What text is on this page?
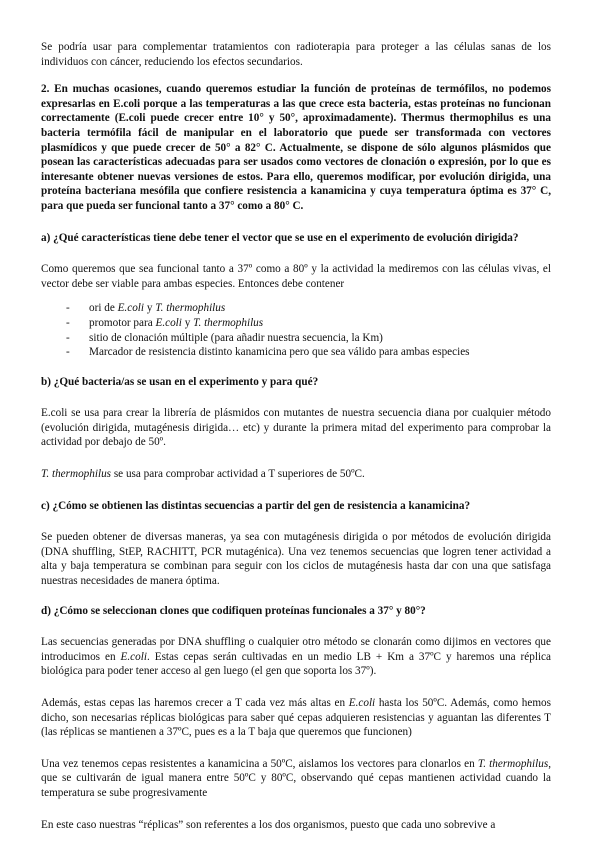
Se podría usar para complementar tratamientos con radioterapia para proteger a las células sanas de los individuos con cáncer, reduciendo los efectos secundarios.

2. En muchas ocasiones, cuando queremos estudiar la función de proteínas de termófilos, no podemos expresarlas en E.coli porque a las temperaturas a las que crece esta bacteria, estas proteínas no funcionan correctamente (E.coli puede crecer entre 10° y 50°, aproximadamente). Thermus thermophilus es una bacteria termófila fácil de manipular en el laboratorio que puede ser transformada con vectores plasmídicos y que puede crecer de 50° a 82° C. Actualmente, se dispone de sólo algunos plásmidos que posean las características adecuadas para ser usados como vectores de clonación o expresión, por lo que es interesante obtener nuevas versiones de estos. Para ello, queremos modificar, por evolución dirigida, una proteína bacteriana mesófila que confiere resistencia a kanamicina y cuya temperatura óptima es 37° C, para que pueda ser funcional tanto a 37° como a 80° C.

a) ¿Qué características tiene debe tener el vector que se use en el experimento de evolución dirigida?

Como queremos que sea funcional tanto a 37º como a 80º y la actividad la mediremos con las células vivas, el vector debe ser viable para ambas especies. Entonces debe contener

- ori de E.coli y T. thermophilus
- promotor para E.coli y T. thermophilus
- sitio de clonación múltiple (para añadir nuestra secuencia, la Km)
- Marcador de resistencia distinto kanamicina pero que sea válido para ambas especies

b) ¿Qué bacteria/as se usan en el experimento y para qué?

E.coli se usa para crear la librería de plásmidos con mutantes de nuestra secuencia diana por cualquier método (evolución dirigida, mutagénesis dirigida… etc) y durante la primera mitad del experimento para comprobar la actividad por debajo de 50º.

T. thermophilus se usa para comprobar actividad a T superiores de 50ºC.

c) ¿Cómo se obtienen las distintas secuencias a partir del gen de resistencia a kanamicina?

Se pueden obtener de diversas maneras, ya sea con mutagénesis dirigida o por métodos de evolución dirigida (DNA shuffling, StEP, RACHITT, PCR mutagénica). Una vez tenemos secuencias que logren tener actividad a alta y baja temperatura se combinan para seguir con los ciclos de mutagénesis hasta dar con una que satisfaga nuestras necesidades de manera óptima.

d) ¿Cómo se seleccionan clones que codifiquen proteínas funcionales a 37° y 80°?

Las secuencias generadas por DNA shuffling o cualquier otro método se clonarán como dijimos en vectores que introducimos en E.coli. Estas cepas serán cultivadas en un medio LB + Km a 37ºC y haremos una réplica biológica para poder tener acceso al gen luego (el gen que soporta los 37º).

Además, estas cepas las haremos crecer a T cada vez más altas en E.coli hasta los 50ºC. Además, como hemos dicho, son necesarias réplicas biológicas para saber qué cepas adquieren resistencias y aguantan las diferentes T (las réplicas se mantienen a 37ºC, pues es a la T baja que queremos que funcionen)

Una vez tenemos cepas resistentes a kanamicina a 50ºC, aislamos los vectores para clonarlos en T. thermophilus, que se cultivarán de igual manera entre 50ºC y 80ºC, observando qué cepas mantienen actividad cuando la temperatura se sube progresivamente

En este caso nuestras “réplicas” son referentes a los dos organismos, puesto que cada uno sobrevive a
